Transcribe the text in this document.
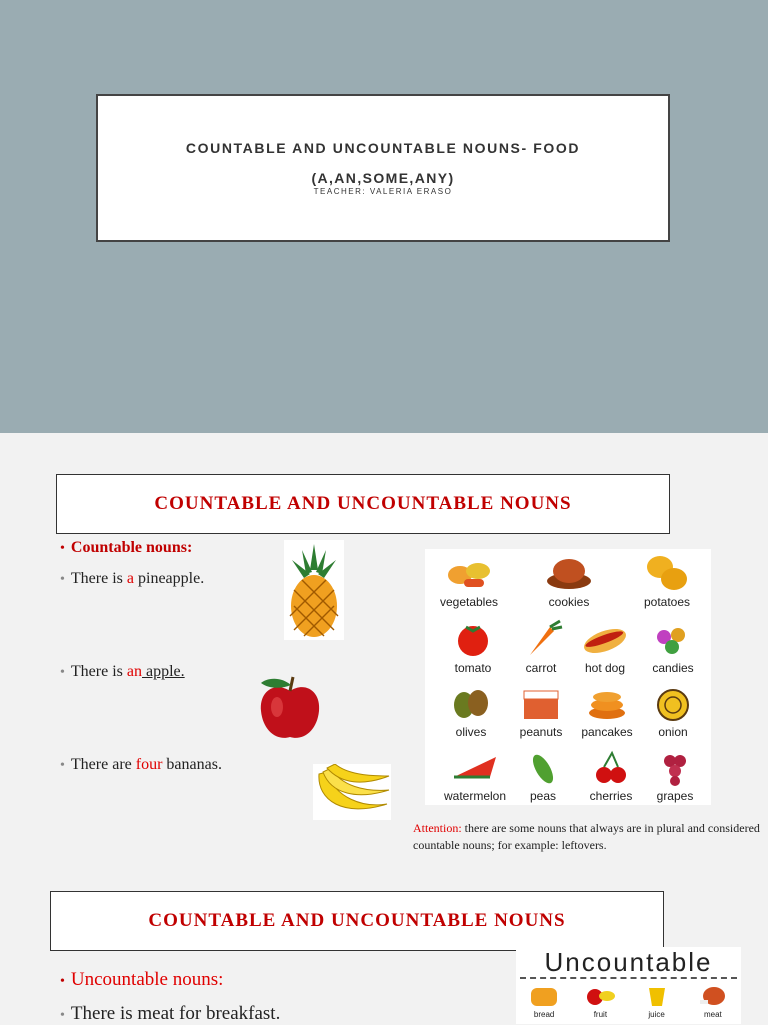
COUNTABLE AND UNCOUNTABLE NOUNS- FOOD
(A,AN,SOME,ANY)
TEACHER: VALERIA ERASO
COUNTABLE AND UNCOUNTABLE NOUNS
• Countable nouns:
• There is a pineapple.
• There is an apple.
• There are four bananas.
vegetables	cookies	potatoes
tomato	carrot	hot dog	candies
olives	peanuts	pancakes	onion
watermelon	peas	cherries	grapes
Attention: there are some nouns that always are in plural and considered countable nouns; for example: leftovers.
COUNTABLE AND UNCOUNTABLE NOUNS
• Uncountable nouns:
• There is meat for breakfast.
Uncountable
bread	fruit	juice	meat
